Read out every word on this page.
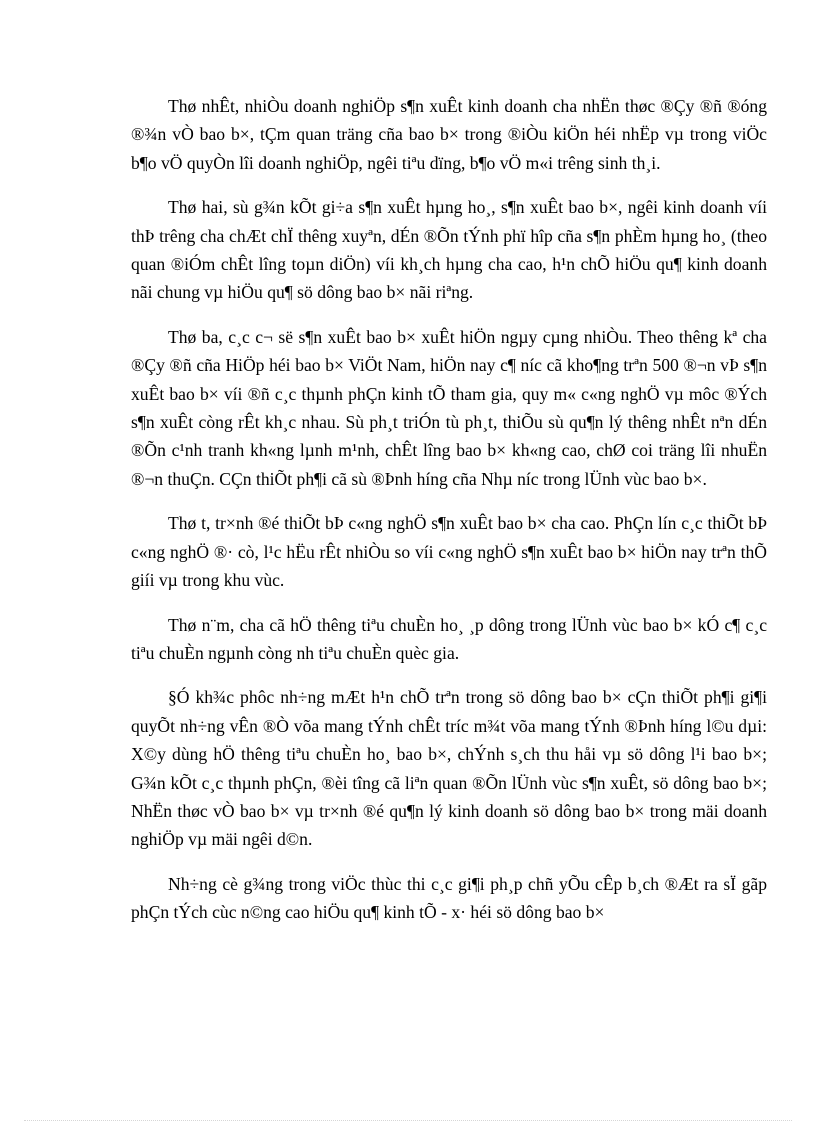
Thø nhÊt, nhiÒu doanh nghiÖp s¶n xuÊt kinh doanh cha nhËn thøc ®Çy ®ñ ®óng ®¾n vÒ bao b×, tÇm quan träng cña bao b× trong ®iÒu kiÖn héi nhËp vµ trong viÖc b¶o vÖ quyÒn lîi doanh nghiÖp, ngêi tiªu dïng, b¶o vÖ m«i trêng sinh th¸i.

Thø hai, sù g¾n kÕt gi÷a s¶n xuÊt hµng ho¸, s¶n xuÊt bao b×, ngêi kinh doanh víi thÞ trêng cha chÆt chÏ thêng xuyªn, dÉn ®Õn tÝnh phï hîp cña s¶n phÈm hµng ho¸ (theo quan ®iÓm chÊt lîng toµn diÖn) víi kh¸ch hµng cha cao, h¹n chÕ hiÖu qu¶ kinh doanh nãi chung vµ hiÖu qu¶ sö dông bao b× nãi riªng.

Thø ba, c¸c c¬ së s¶n xuÊt bao b× xuÊt hiÖn ngµy cµng nhiÒu. Theo thêng kª cha ®Çy ®ñ cña HiÖp héi bao b× ViÖt Nam, hiÖn nay c¶ níc cã kho¶ng trªn 500 ®¬n vÞ s¶n xuÊt bao b× víi ®ñ c¸c thµnh phÇn kinh tÕ tham gia, quy m« c«ng nghÖ vµ môc ®Ých s¶n xuÊt còng rÊt kh¸c nhau. Sù ph¸t triÓn tù ph¸t, thiÕu sù qu¶n lý thêng nhÊt nªn dÉn ®Õn c¹nh tranh kh«ng lµnh m¹nh, chÊt lîng bao b× kh«ng cao, chØ coi träng lîi nhuËn ®¬n thuÇn. CÇn thiÕt ph¶i cã sù ®Þnh híng cña Nhµ níc trong lÜnh vùc bao b×.

Thø t, tr×nh ®é thiÕt bÞ c«ng nghÖ s¶n xuÊt bao b× cha cao. PhÇn lín c¸c thiÕt bÞ c«ng nghÖ ®· cò, l¹c hËu rÊt nhiÒu so víi c«ng nghÖ s¶n xuÊt bao b× hiÖn nay trªn thÕ giíi vµ trong khu vùc.

Thø n¨m, cha cã hÖ thêng tiªu chuÈn ho¸ ¸p dông trong lÜnh vùc bao b× kÓ c¶ c¸c tiªu chuÈn ngµnh còng nh tiªu chuÈn quèc gia.

§Ó kh¾c phôc nh÷ng mÆt h¹n chÕ trªn trong sö dông bao b× cÇn thiÕt ph¶i gi¶i quyÕt nh÷ng vÊn ®Ò võa mang tÝnh chÊt tríc m¾t võa mang tÝnh ®Þnh híng l©u dµi: X©y dùng hÖ thêng tiªu chuÈn ho¸ bao b×, chÝnh s¸ch thu håi vµ sö dông l¹i bao b×; G¾n kÕt c¸c thµnh phÇn, ®èi tîng cã liªn quan ®Õn lÜnh vùc s¶n xuÊt, sö dông bao b×; NhËn thøc vÒ bao b× vµ tr×nh ®é qu¶n lý kinh doanh sö dông bao b× trong mäi doanh nghiÖp vµ mäi ngêi d©n.

Nh÷ng cè g¾ng trong viÖc thùc thi c¸c gi¶i ph¸p chñ yÕu cÊp b¸ch ®Æt ra sÏ gãp phÇn tÝch cùc n©ng cao hiÖu qu¶ kinh tÕ - x· héi sö dông bao b×
